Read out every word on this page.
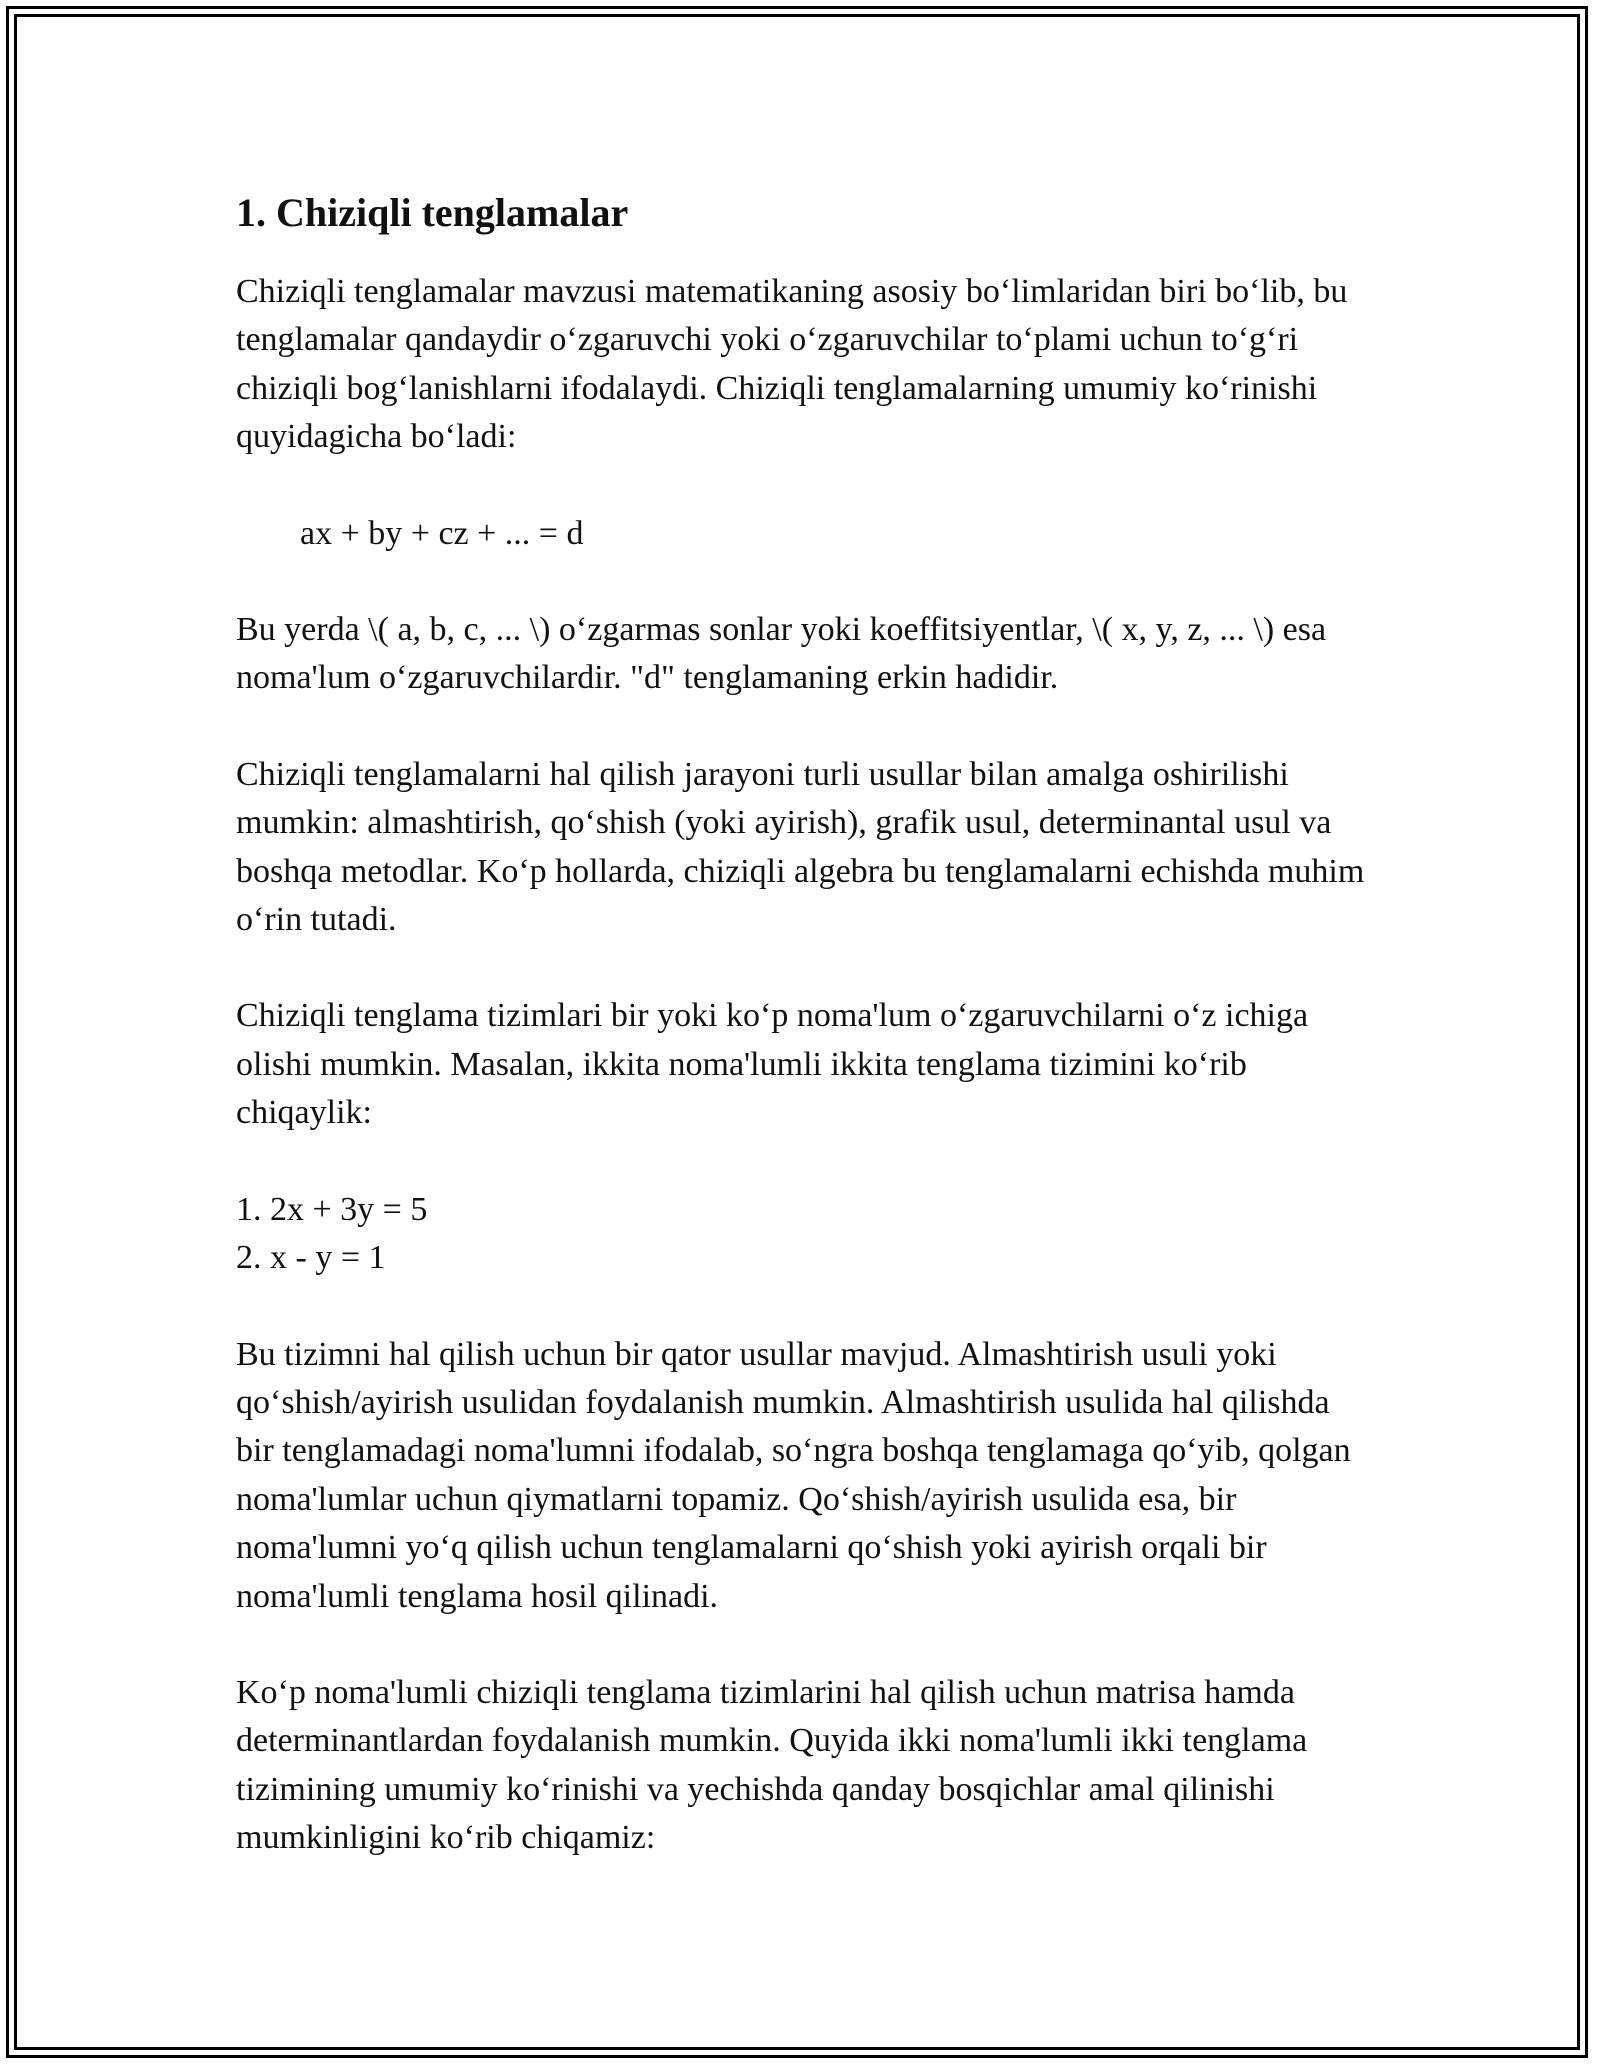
1. Chiziqli tenglamalar

Chiziqli tenglamalar mavzusi matematikaning asosiy bo‘limlaridan biri bo‘lib, bu tenglamalar qandaydir o‘zgaruvchi yoki o‘zgaruvchilar to‘plami uchun to‘g‘ri chiziqli bog‘lanishlarni ifodalaydi. Chiziqli tenglamalarning umumiy ko‘rinishi quyidagicha bo‘ladi:

ax + by + cz + ... = d

Bu yerda \( a, b, c, ... \) o‘zgarmas sonlar yoki koeffitsiyentlar, \( x, y, z, ... \) esa noma'lum o‘zgaruvchilardir. "d" tenglamaning erkin hadidir.

Chiziqli tenglamalarni hal qilish jarayoni turli usullar bilan amalga oshirilishi mumkin: almashtirish, qo‘shish (yoki ayirish), grafik usul, determinantal usul va boshqa metodlar. Ko‘p hollarda, chiziqli algebra bu tenglamalarni echishda muhim o‘rin tutadi.

Chiziqli tenglama tizimlari bir yoki ko‘p noma'lum o‘zgaruvchilarni o‘z ichiga olishi mumkin. Masalan, ikkita noma'lumli ikkita tenglama tizimini ko‘rib chiqaylik:

1. 2x + 3y = 5
2. x - y = 1

Bu tizimni hal qilish uchun bir qator usullar mavjud. Almashtirish usuli yoki qo‘shish/ayirish usulidan foydalanish mumkin. Almashtirish usulida hal qilishda bir tenglamadagi noma'lumni ifodalab, so‘ngra boshqa tenglamaga qo‘yib, qolgan noma'lumlar uchun qiymatlarni topamiz. Qo‘shish/ayirish usulida esa, bir noma'lumni yo‘q qilish uchun tenglamalarni qo‘shish yoki ayirish orqali bir noma'lumli tenglama hosil qilinadi.

Ko‘p noma'lumli chiziqli tenglama tizimlarini hal qilish uchun matrisa hamda determinantlardan foydalanish mumkin. Quyida ikki noma'lumli ikki tenglama tizimining umumiy ko‘rinishi va yechishda qanday bosqichlar amal qilinishi mumkinligini ko‘rib chiqamiz:
